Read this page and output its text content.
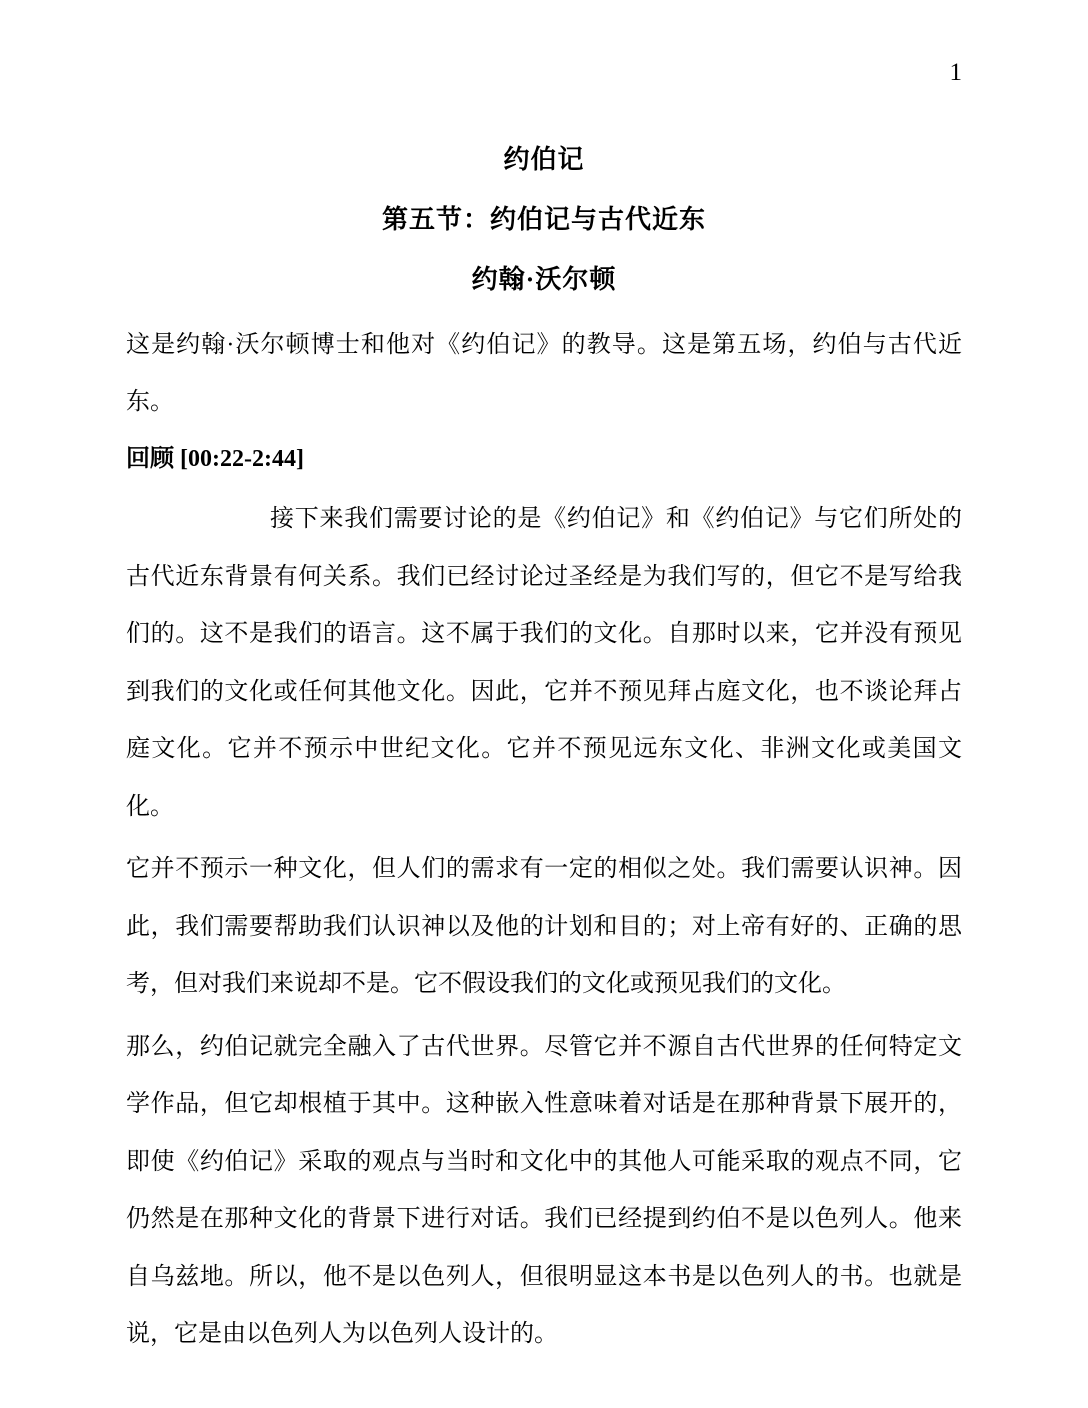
1
约伯记
第五节：约伯记与古代近东
约翰·沃尔顿

这是约翰·沃尔顿博士和他对《约伯记》的教导。这是第五场，约伯与古代近东。

回顾 [00:22-2:44]

接下来我们需要讨论的是《约伯记》和《约伯记》与它们所处的古代近东背景有何关系。我们已经讨论过圣经是为我们写的，但它不是写给我们的。这不是我们的语言。这不属于我们的文化。自那时以来，它并没有预见到我们的文化或任何其他文化。因此，它并不预见拜占庭文化，也不谈论拜占庭文化。它并不预示中世纪文化。它并不预见远东文化、非洲文化或美国文化。

它并不预示一种文化，但人们的需求有一定的相似之处。我们需要认识神。因此，我们需要帮助我们认识神以及他的计划和目的；对上帝有好的、正确的思考，但对我们来说却不是。它不假设我们的文化或预见我们的文化。

那么，约伯记就完全融入了古代世界。尽管它并不源自古代世界的任何特定文学作品，但它却根植于其中。这种嵌入性意味着对话是在那种背景下展开的，即使《约伯记》采取的观点与当时和文化中的其他人可能采取的观点不同，它仍然是在那种文化的背景下进行对话。我们已经提到约伯不是以色列人。他来自乌兹地。所以，他不是以色列人，但很明显这本书是以色列人的书。也就是说，它是由以色列人为以色列人设计的。
